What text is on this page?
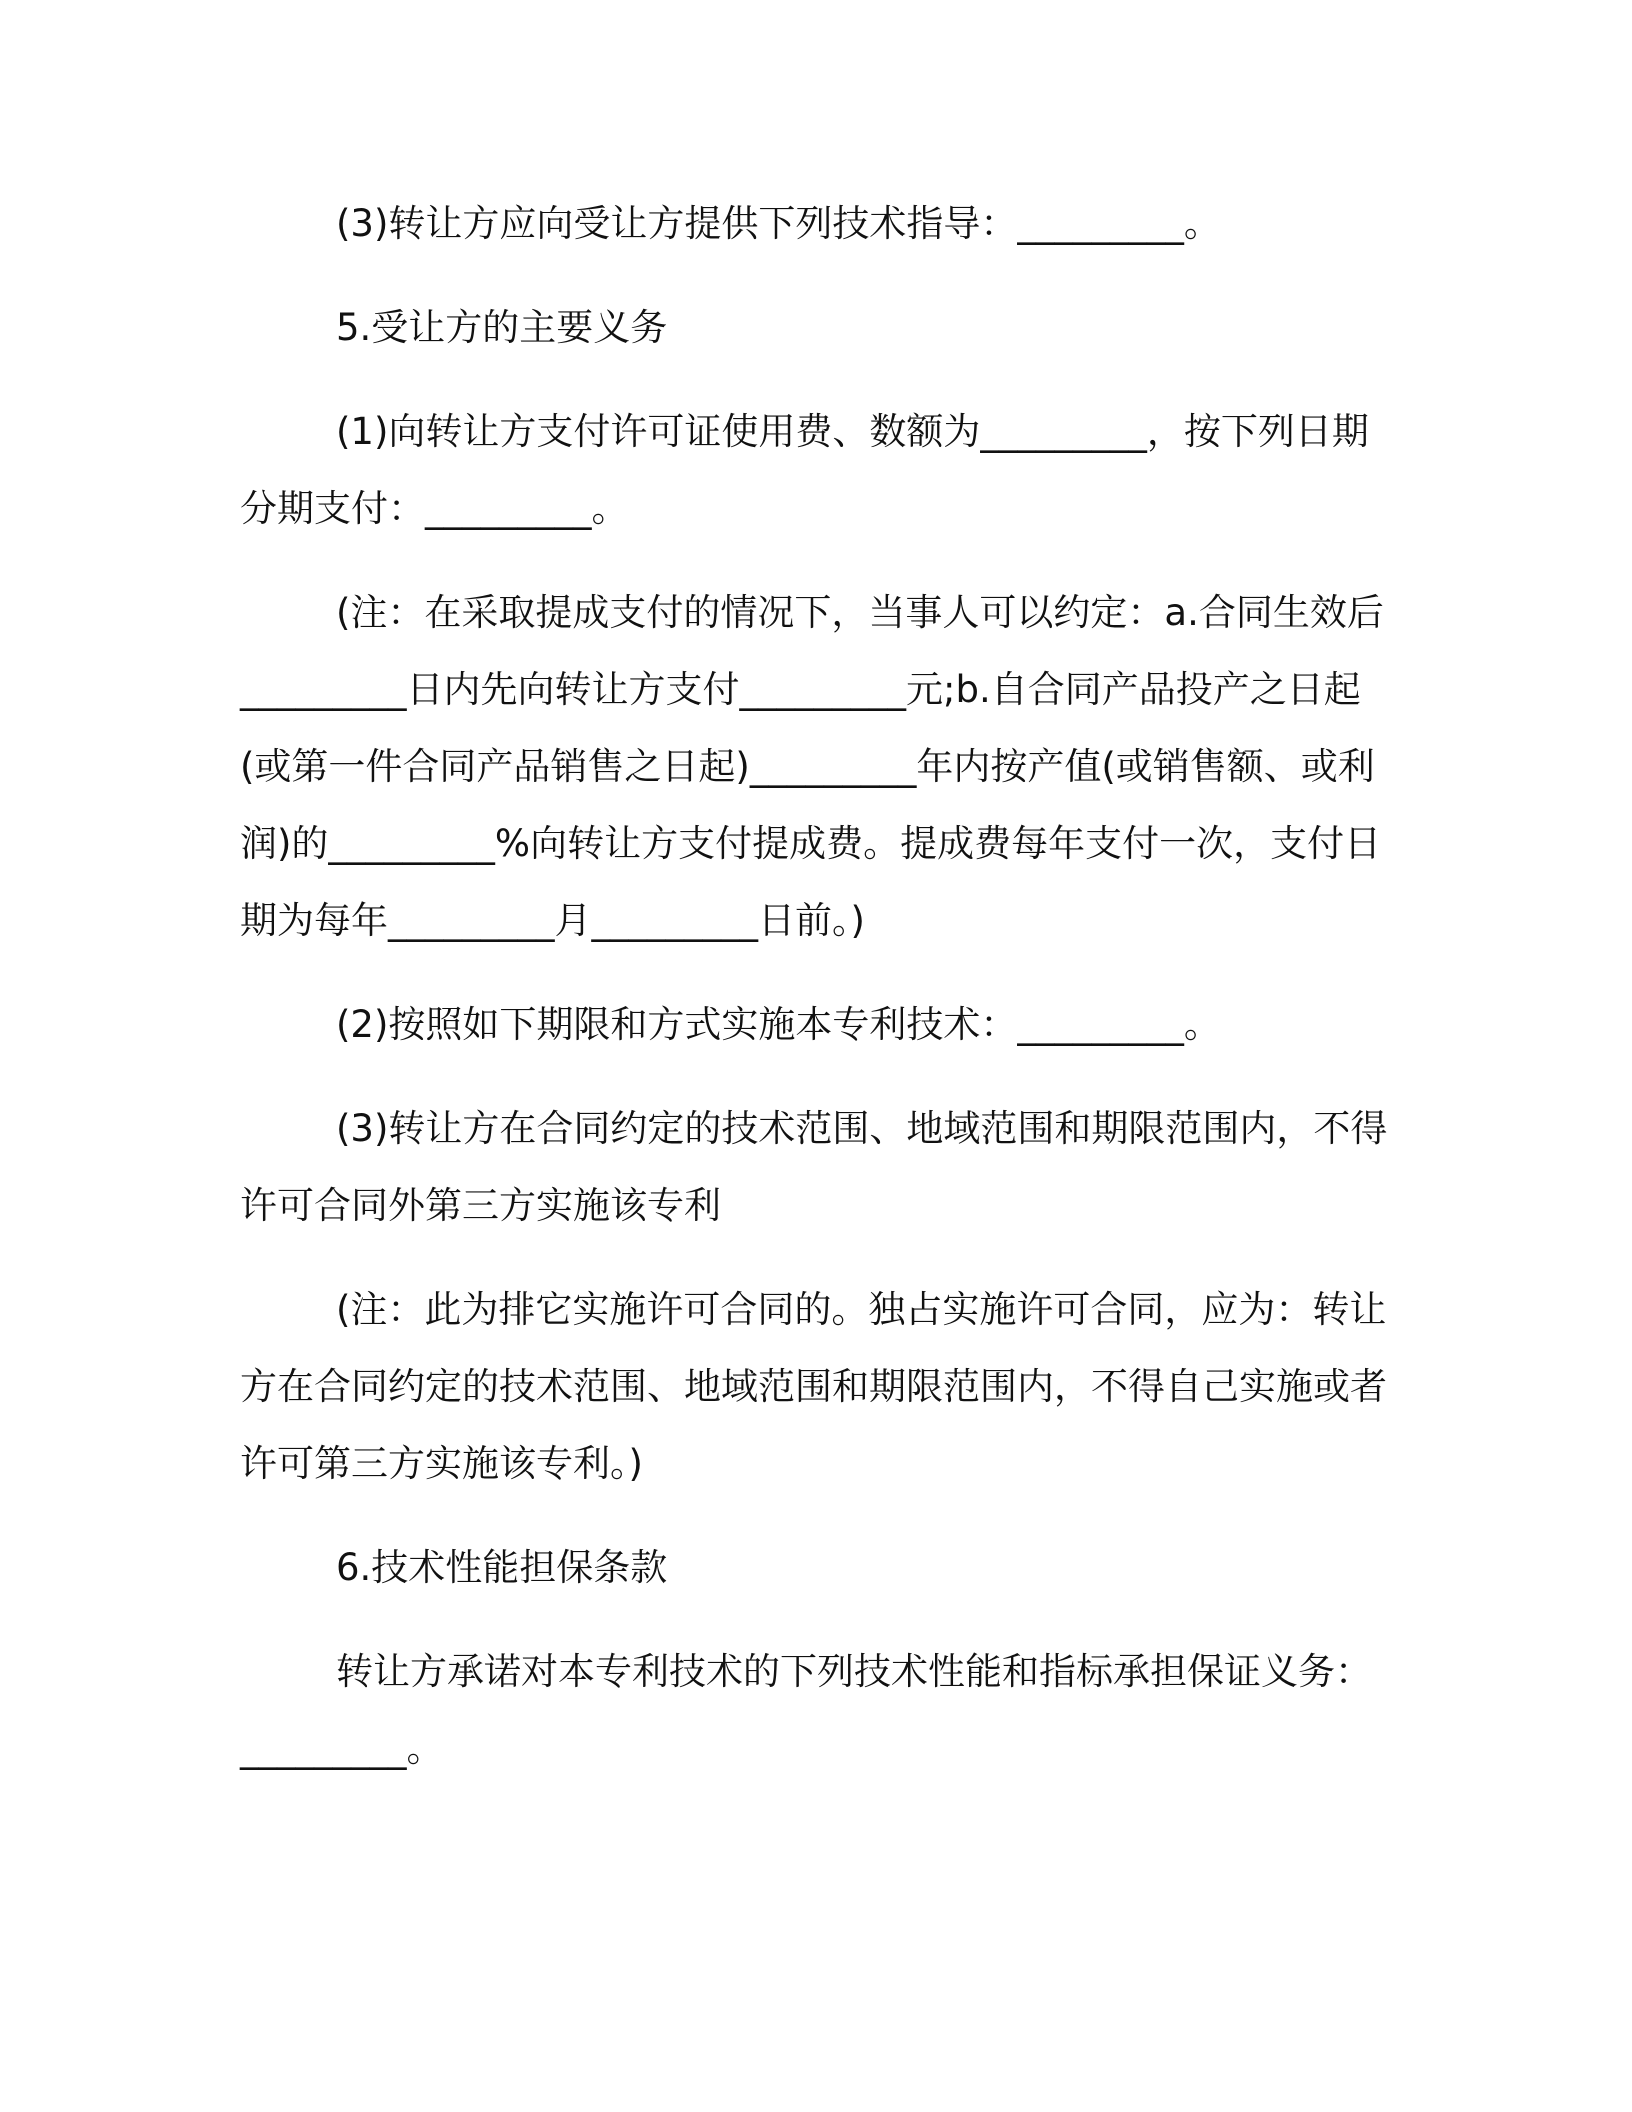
(3)转让方应向受让方提供下列技术指导：_________。

5.受让方的主要义务

(1)向转让方支付许可证使用费、数额为_________，按下列日期分期支付：_________。

(注：在采取提成支付的情况下，当事人可以约定：a.合同生效后_________日内先向转让方支付_________元;b.自合同产品投产之日起(或第一件合同产品销售之日起)_________年内按产值(或销售额、或利润)的_________%向转让方支付提成费。提成费每年支付一次，支付日期为每年_________月_________日前。)

(2)按照如下期限和方式实施本专利技术：_________。

(3)转让方在合同约定的技术范围、地域范围和期限范围内，不得许可合同外第三方实施该专利

(注：此为排它实施许可合同的。独占实施许可合同，应为：转让方在合同约定的技术范围、地域范围和期限范围内，不得自己实施或者许可第三方实施该专利。)

6.技术性能担保条款

转让方承诺对本专利技术的下列技术性能和指标承担保证义务：_________。
